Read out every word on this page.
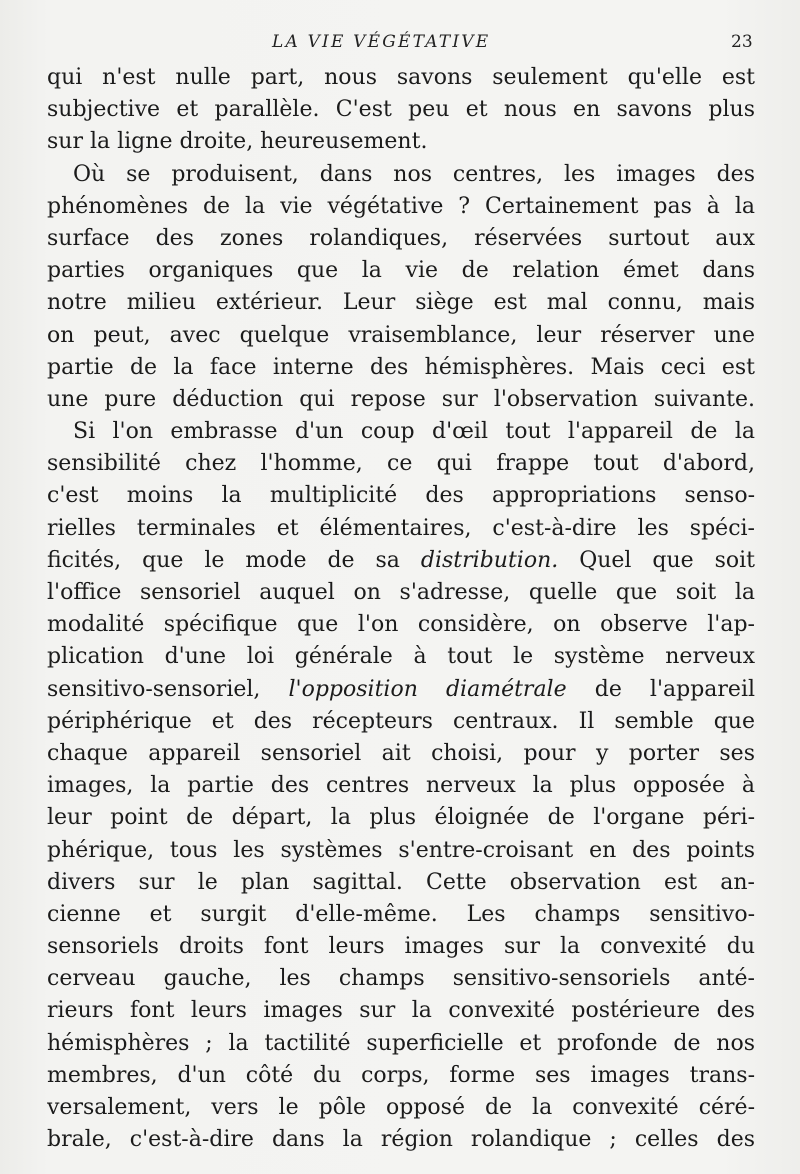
LA VIE VÉGÉTATIVE	23
qui n'est nulle part, nous savons seulement qu'elle est
subjective et parallèle. C'est peu et nous en savons plus
sur la ligne droite, heureusement.
Où se produisent, dans nos centres, les images des
phénomènes de la vie végétative ? Certainement pas à la
surface des zones rolandiques, réservées surtout aux
parties organiques que la vie de relation émet dans
notre milieu extérieur. Leur siège est mal connu, mais
on peut, avec quelque vraisemblance, leur réserver une
partie de la face interne des hémisphères. Mais ceci est
une pure déduction qui repose sur l'observation suivante.
Si l'on embrasse d'un coup d'œil tout l'appareil de la
sensibilité chez l'homme, ce qui frappe tout d'abord,
c'est moins la multiplicité des appropriations senso-
rielles terminales et élémentaires, c'est-à-dire les spéci-
ficités, que le mode de sa distribution. Quel que soit
l'office sensoriel auquel on s'adresse, quelle que soit la
modalité spécifique que l'on considère, on observe l'ap-
plication d'une loi générale à tout le système nerveux
sensitivo-sensoriel, l'opposition diamétrale de l'appareil
périphérique et des récepteurs centraux. Il semble que
chaque appareil sensoriel ait choisi, pour y porter ses
images, la partie des centres nerveux la plus opposée à
leur point de départ, la plus éloignée de l'organe péri-
phérique, tous les systèmes s'entre-croisant en des points
divers sur le plan sagittal. Cette observation est an-
cienne et surgit d'elle-même. Les champs sensitivo-
sensoriels droits font leurs images sur la convexité du
cerveau gauche, les champs sensitivo-sensoriels anté-
rieurs font leurs images sur la convexité postérieure des
hémisphères ; la tactilité superficielle et profonde de nos
membres, d'un côté du corps, forme ses images trans-
versalement, vers le pôle opposé de la convexité céré-
brale, c'est-à-dire dans la région rolandique ; celles des
